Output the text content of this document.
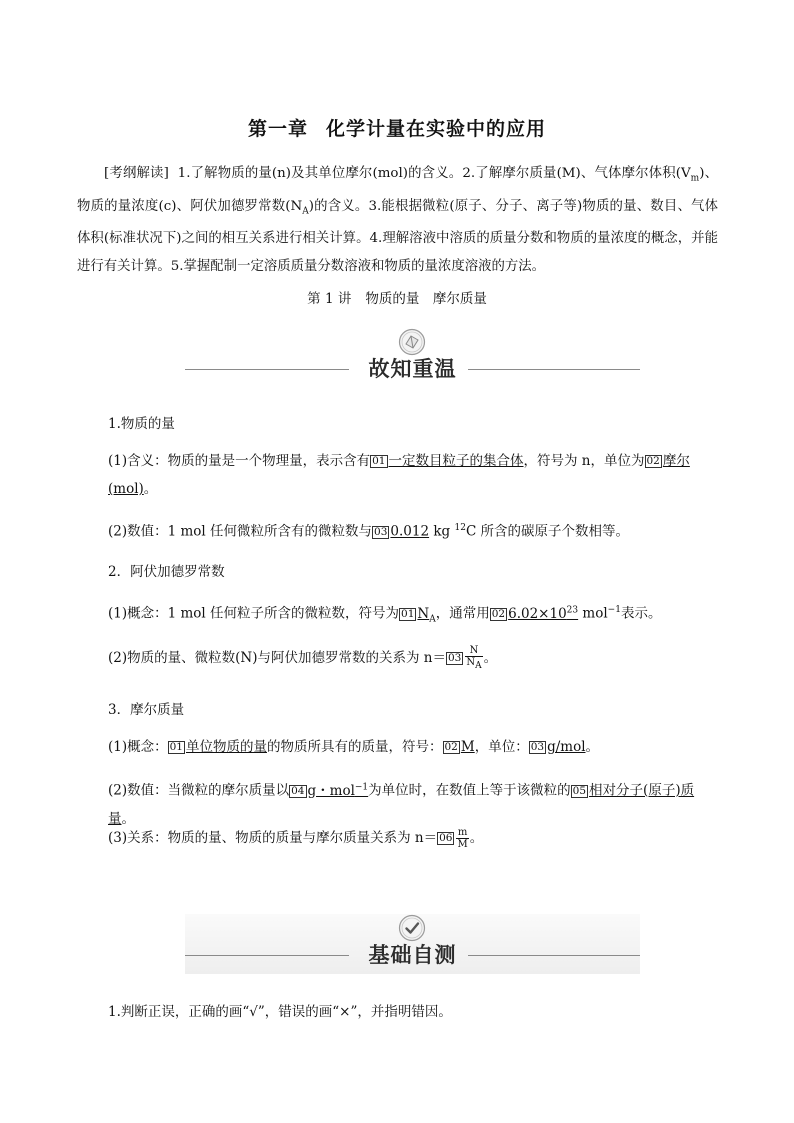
第一章 化学计量在实验中的应用
[考纲解读] 1.了解物质的量(n)及其单位摩尔(mol)的含义。2.了解摩尔质量(M)、气体摩尔体积$(V_m)$、物质的量浓度(c)、阿伏加德罗常数$(N_A)$的含义。3.能根据微粒(原子、分子、离子等)物质的量、数目、气体体积(标准状况下)之间的相互关系进行相关计算。4.理解溶液中溶质的质量分数和物质的量浓度的概念，并能进行有关计算。5.掌握配制一定溶质质量分数溶液和物质的量浓度溶液的方法。
第 1 讲 物质的量　摩尔质量
故知重温
1.物质的量
(1)含义：物质的量是一个物理量，表示含有 01 一定数目粒子的集合体，符号为 n，单位为 02 摩尔(mol)。
(2)数值：1 mol 任何微粒所含有的微粒数与 03 0.012 kg $^{12}$C 所含的碳原子个数相等。
2．阿伏加德罗常数
(1)概念：1 mol 任何粒子所含的微粒数，符号为 01 $N_A$，通常用 02 $6.02\times 10^{23}$ mol$^{-1}$表示。
(2)物质的量、微粒数(N)与阿伏加德罗常数的关系为 $n= 03 \frac{N}{N_A}$ 。
3．摩尔质量
(1)概念： 01 单位物质的量的物质所具有的质量，符号： 02 M，单位： 03 g/mol。
(2)数值：当微粒的摩尔质量以 04 g・mol$^{-1}$为单位时，在数值上等于该微粒的 05 相对分子(原子)质量。
(3)关系：物质的量、物质的质量与摩尔质量关系为 $n= 06 \frac{m}{M}$ 。
基础自测
1.判断正误，正确的画“√”，错误的画“×”，并指明错因。
